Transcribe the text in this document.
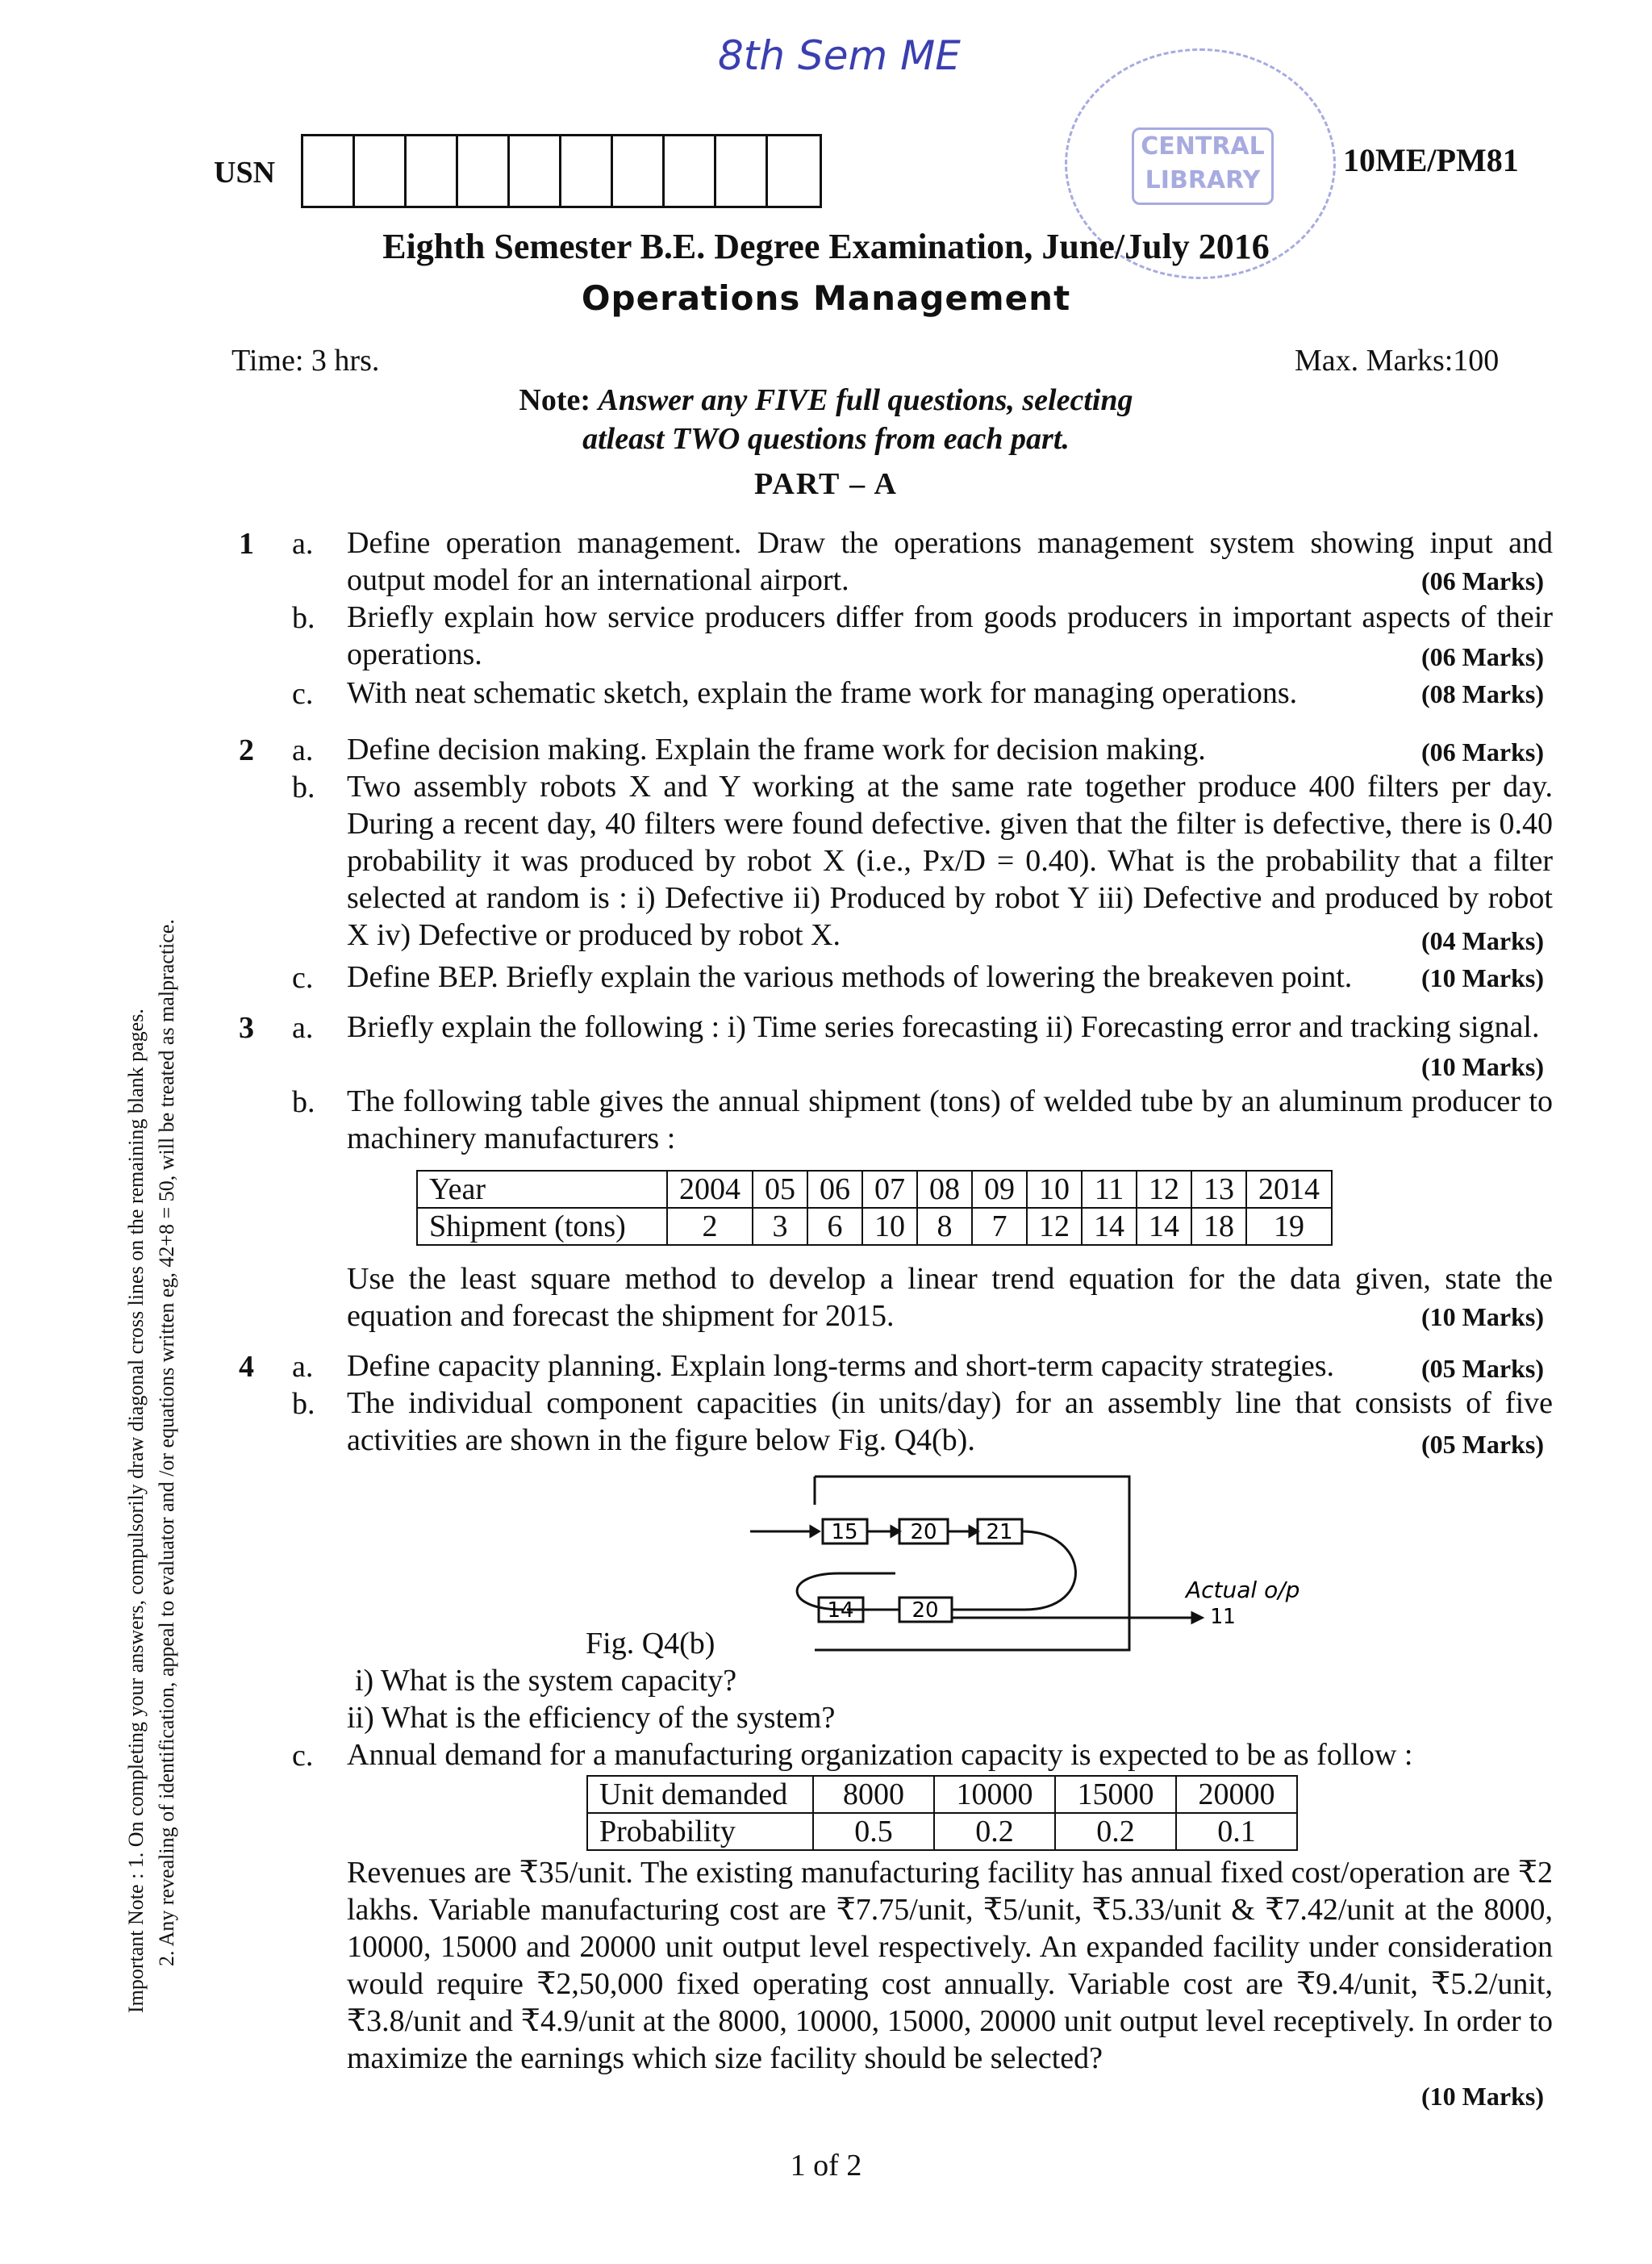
8th Sem ME
CENTRAL
LIBRARY
USN	10ME/PM81
Eighth Semester B.E. Degree Examination, June/July 2016
Operations Management
Time: 3 hrs.	Max. Marks:100
Note: Answer any FIVE full questions, selecting
atleast TWO questions from each part.
PART – A
Important Note : 1. On completing your answers, compulsorily draw diagonal cross lines on the remaining blank pages. 2. Any revealing of identification, appeal to evaluator and /or equations written eg, 42+8 = 50, will be treated as malpractice.
1 a. Define operation management. Draw the operations management system showing input and output model for an international airport.	(06 Marks)
b. Briefly explain how service producers differ from goods producers in important aspects of their operations.	(06 Marks)
c. With neat schematic sketch, explain the frame work for managing operations.	(08 Marks)
2 a. Define decision making. Explain the frame work for decision making.	(06 Marks)
b. Two assembly robots X and Y working at the same rate together produce 400 filters per day. During a recent day, 40 filters were found defective. given that the filter is defective, there is 0.40 probability it was produced by robot X (i.e., Px/D = 0.40). What is the probability that a filter selected at random is : i) Defective ii) Produced by robot Y iii) Defective and produced by robot X iv) Defective or produced by robot X.	(04 Marks)
c. Define BEP. Briefly explain the various methods of lowering the breakeven point.	(10 Marks)
3 a. Briefly explain the following : i) Time series forecasting ii) Forecasting error and tracking signal.
(10 Marks)
b. The following table gives the annual shipment (tons) of welded tube by an aluminum producer to machinery manufacturers :
Year	2004	05	06	07	08	09	10	11	12	13	2014
Shipment (tons)	2	3	6	10	8	7	12	14	14	18	19
Use the least square method to develop a linear trend equation for the data given, state the equation and forecast the shipment for 2015.	(10 Marks)
4 a. Define capacity planning. Explain long-terms and short-term capacity strategies.	(05 Marks)
b. The individual component capacities (in units/day) for an assembly line that consists of five activities are shown in the figure below Fig. Q4(b).	(05 Marks)
15 20 21
14	20
Actual o/p
11
Fig. Q4(b)
i) What is the system capacity?
ii) What is the efficiency of the system?
c. Annual demand for a manufacturing organization capacity is expected to be as follow :
Unit demanded	8000	10000	15000	20000
Probability	0.5	0.2	0.2	0.1
Revenues are ₹35/unit. The existing manufacturing facility has annual fixed cost/operation are ₹2 lakhs. Variable manufacturing cost are ₹7.75/unit, ₹5/unit, ₹5.33/unit & ₹7.42/unit at the 8000, 10000, 15000 and 20000 unit output level respectively. An expanded facility under consideration would require ₹2,50,000 fixed operating cost annually. Variable cost are ₹9.4/unit, ₹5.2/unit, ₹3.8/unit and ₹4.9/unit at the 8000, 10000, 15000, 20000 unit output level receptively. In order to maximize the earnings which size facility should be selected?
(10 Marks)
1 of 2
